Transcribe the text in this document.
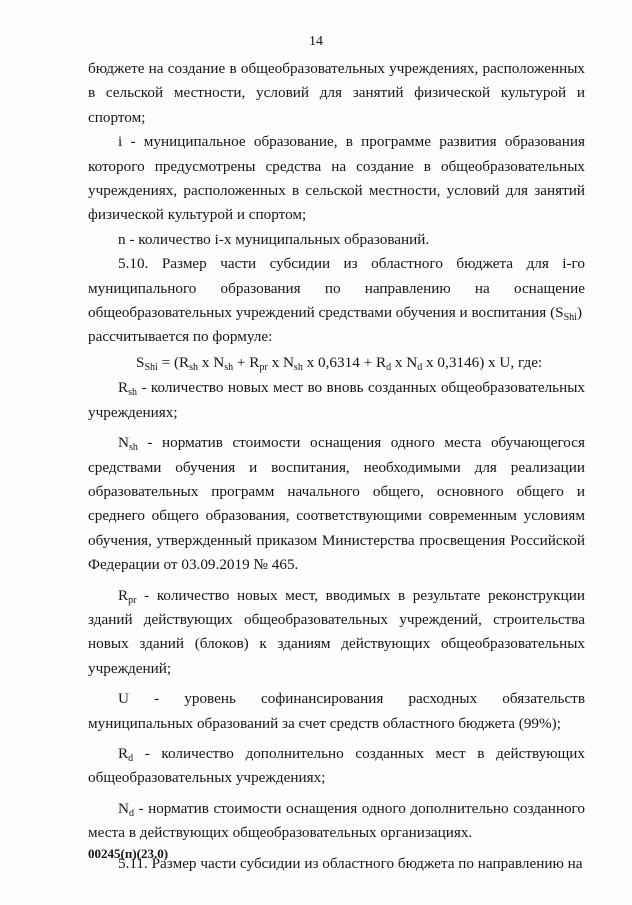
14

бюджете на создание в общеобразовательных учреждениях, расположенных в сельской местности, условий для занятий физической культурой и спортом;

i - муниципальное образование, в программе развития образования которого предусмотрены средства на создание в общеобразовательных учреждениях, расположенных в сельской местности, условий для занятий физической культурой и спортом;

n - количество i-х муниципальных образований.

5.10. Размер части субсидии из областного бюджета для i-го муниципального образования по направлению на оснащение общеобразовательных учреждений средствами обучения и воспитания $(S_{Shi})$

рассчитывается по формуле:

$S_{Shi} = (R_{sh}$ x $N_{sh} + R_{pr}$ x $N_{sh}$ x $0,6314 + R_d$ x $N_d$ x 0,3146) x U, где:

$R_{sh}$ - количество новых мест во вновь созданных общеобразовательных учреждениях;

$N_{sh}$ - норматив стоимости оснащения одного места обучающегося средствами обучения и воспитания, необходимыми для реализации образовательных программ начального общего, основного общего и среднего общего образования, соответствующими современным условиям обучения, утвержденный приказом Министерства просвещения Российской Федерации от 03.09.2019 № 465.

$R_{pr}$ - количество новых мест, вводимых в результате реконструкции зданий действующих общеобразовательных учреждений, строительства новых зданий (блоков) к зданиям действующих общеобразовательных учреждений;

U - уровень софинансирования расходных обязательств муниципальных образований за счет средств областного бюджета (99%);

$R_d$ - количество дополнительно созданных мест в действующих общеобразовательных учреждениях;

$N_d$ - норматив стоимости оснащения одного дополнительно созданного места в действующих общеобразовательных организациях.

5.11. Размер части субсидии из областного бюджета по направлению на

00245(п)(23.0)
